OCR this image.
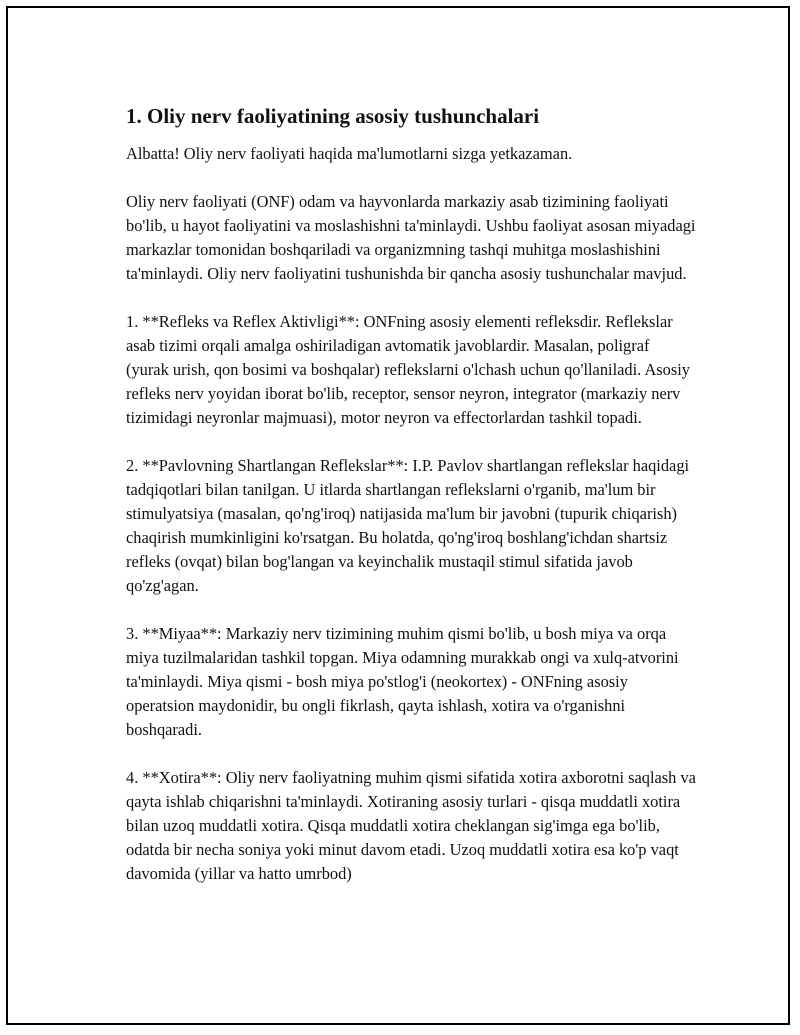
1. Oliy nerv faoliyatining asosiy tushunchalari

Albatta! Oliy nerv faoliyati haqida ma'lumotlarni sizga yetkazaman.

Oliy nerv faoliyati (ONF) odam va hayvonlarda markaziy asab tizimining faoliyati bo'lib, u hayot faoliyatini va moslashishni ta'minlaydi. Ushbu faoliyat asosan miyadagi markazlar tomonidan boshqariladi va organizmning tashqi muhitga moslashishini ta'minlaydi. Oliy nerv faoliyatini tushunishda bir qancha asosiy tushunchalar mavjud.

1. **Refleks va Reflex Aktivligi**: ONFning asosiy elementi refleksdir. Reflekslar asab tizimi orqali amalga oshiriladigan avtomatik javoblardir. Masalan, poligraf (yurak urish, qon bosimi va boshqalar) reflekslarni o'lchash uchun qo'llaniladi. Asosiy refleks nerv yoyidan iborat bo'lib, receptor, sensor neyron, integrator (markaziy nerv tizimidagi neyronlar majmuasi), motor neyron va effectorlardan tashkil topadi.

2. **Pavlovning Shartlangan Reflekslar**: I.P. Pavlov shartlangan reflekslar haqidagi tadqiqotlari bilan tanilgan. U itlarda shartlangan reflekslarni o'rganib, ma'lum bir stimulyatsiya (masalan, qo'ng'iroq) natijasida ma'lum bir javobni (tupurik chiqarish) chaqirish mumkinligini ko'rsatgan. Bu holatda, qo'ng'iroq boshlang'ichdan shartsiz refleks (ovqat) bilan bog'langan va keyinchalik mustaqil stimul sifatida javob qo'zg'agan.

3. **Miyaa**: Markaziy nerv tizimining muhim qismi bo'lib, u bosh miya va orqa miya tuzilmalaridan tashkil topgan. Miya odamning murakkab ongi va xulq-atvorini ta'minlaydi. Miya qismi - bosh miya po'stlog'i (neokortex) - ONFning asosiy operatsion maydonidir, bu ongli fikrlash, qayta ishlash, xotira va o'rganishni boshqaradi.

4. **Xotira**: Oliy nerv faoliyatning muhim qismi sifatida xotira axborotni saqlash va qayta ishlab chiqarishni ta'minlaydi. Xotiraning asosiy turlari - qisqa muddatli xotira bilan uzoq muddatli xotira. Qisqa muddatli xotira cheklangan sig'imga ega bo'lib, odatda bir necha soniya yoki minut davom etadi. Uzoq muddatli xotira esa ko'p vaqt davomida (yillar va hatto umrbod)
